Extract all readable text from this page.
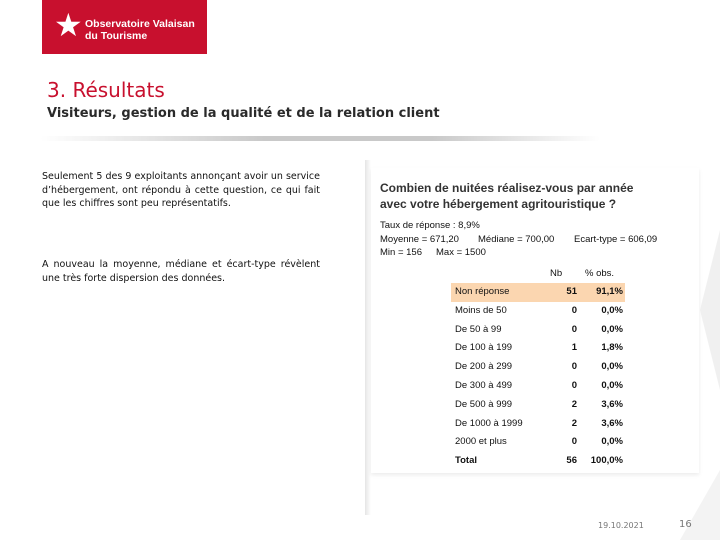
★ Observatoire Valaisan
du Tourisme
3. Résultats
Visiteurs, gestion de la qualité et de la relation client

Seulement 5 des 9 exploitants annonçant avoir un service d’hébergement, ont répondu à cette question, ce qui fait que les chiffres sont peu représentatifs.

A nouveau la moyenne, médiane et écart-type révèlent une très forte dispersion des données.

Combien de nuitées réalisez-vous par année
avec votre hébergement agritouristique ?
Taux de réponse : 8,9%
Moyenne = 671,20 Médiane = 700,00 Ecart-type = 606,09
Min = 156 Max = 1500
Nb % obs.
Non réponse	51 91,1%
Moins de 50	0	0,0%
De 50 à 99	0	0,0%
De 100 à 199	1	1,8%
De 200 à 299	0	0,0%
De 300 à 499	0	0,0%
De 500 à 999	2	3,6%
De 1000 à 1999	2	3,6%
2000 et plus	0	0,0%
Total	56 100,0%
19.10.2021	16
